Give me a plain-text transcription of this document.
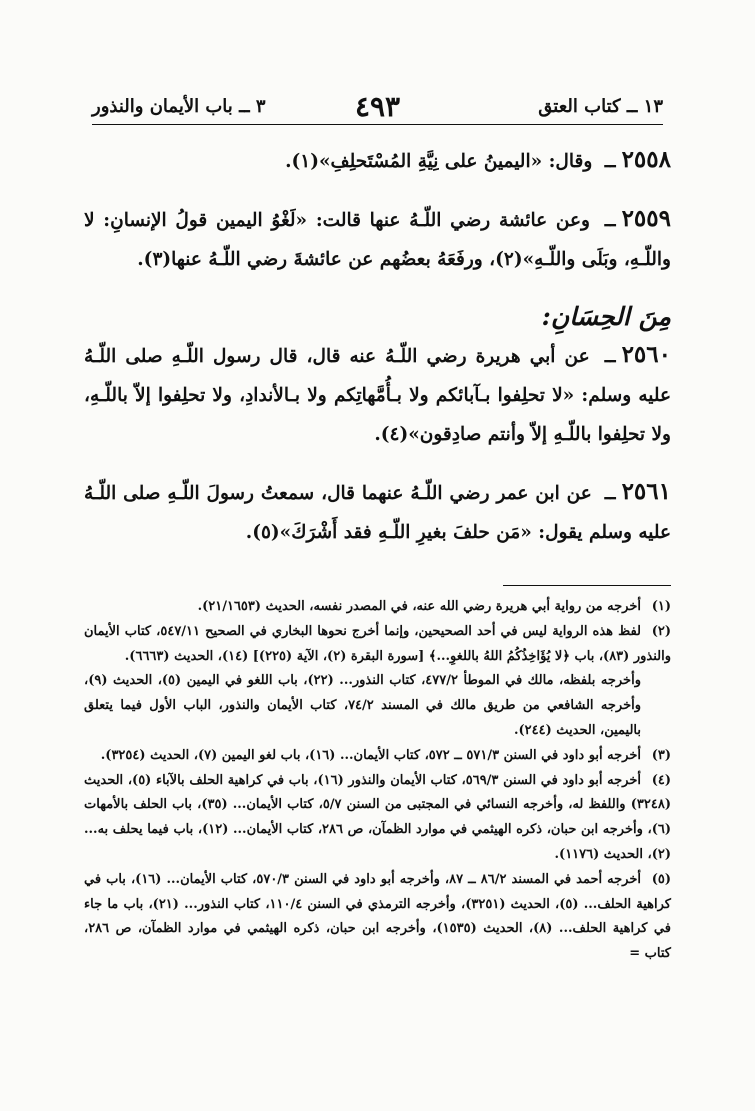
١٣ ــ كتاب العتق
٤٩٣
٣ ــ باب الأيمان والنذور

٢٥٥٨ــ وقال: «اليمينُ على نِيَّةِ المُسْتَحلِفِ»(١).

٢٥٥٩ــ وعن عائشة رضي اللّـهُ عنها قالت: «لَغْوُ اليمين قولُ الإنسانِ: لا واللّـهِ، وبَلَى واللّـهِ»(٢)، ورفَعَهُ بعضُهم عن عائشةَ رضي اللّـهُ عنها(٣).

مِنَ الحِسَانِ:

٢٥٦٠ــ عن أبي هريرة رضي اللّـهُ عنه قال، قال رسول اللّـهِ صلى اللّـهُ عليه وسلم: «لا تحلِفوا بـآبائكم ولا بـأُمَّهاتِكم ولا بـالأندادِ، ولا تحلِفوا إلاّ باللّـهِ، ولا تحلِفوا باللّـهِ إلاّ وأنتم صادِقون»(٤).

٢٥٦١ــ عن ابن عمر رضي اللّـهُ عنهما قال، سمعتُ رسولَ اللّـهِ صلى اللّـهُ عليه وسلم يقول: «مَن حلفَ بغيرِ اللّـهِ فقد أَشْرَكَ»(٥).

(١)أخرجه من رواية أبي هريرة رضي الله عنه، في المصدر نفسه، الحديث (٢١/١٦٥٣).

(٢)لفظ هذه الرواية ليس في أحد الصحيحين، وإنما أخرج نحوها البخاري في الصحيح ٥٤٧/١١، كتاب الأيمان والنذور (٨٣)، باب ﴿لا يُؤَاخِذُكُمُ اللهُ باللغوِ...﴾ [سورة البقرة (٢)، الآية (٢٢٥)] (١٤)، الحديث (٦٦٦٣).

وأخرجه بلفظه، مالك في الموطأ ٤٧٧/٢، كتاب النذور... (٢٢)، باب اللغو في اليمين (٥)، الحديث (٩)، وأخرجه الشافعي من طريق مالك في المسند ٧٤/٢، كتاب الأيمان والنذور، الباب الأول فيما يتعلق باليمين، الحديث (٢٤٤).

(٣)أخرجه أبو داود في السنن ٥٧١/٣ ــ ٥٧٢، كتاب الأيمان... (١٦)، باب لغو اليمين (٧)، الحديث (٣٢٥٤).

(٤)أخرجه أبو داود في السنن ٥٦٩/٣، كتاب الأيمان والنذور (١٦)، باب في كراهية الحلف بالآباء (٥)، الحديث (٣٢٤٨) واللفظ له، وأخرجه النسائي في المجتبى من السنن ٥/٧، كتاب الأيمان... (٣٥)، باب الحلف بالأمهات (٦)، وأخرجه ابن حبان، ذكره الهيثمي في موارد الظمآن، ص ٢٨٦، كتاب الأيمان... (١٢)، باب فيما يحلف به... (٢)، الحديث (١١٧٦).

(٥)أخرجه أحمد في المسند ٨٦/٢ ــ ٨٧، وأخرجه أبو داود في السنن ٥٧٠/٣، كتاب الأيمان... (١٦)، باب في كراهية الحلف... (٥)، الحديث (٣٢٥١)، وأخرجه الترمذي في السنن ١١٠/٤، كتاب النذور... (٢١)، باب ما جاء في كراهية الحلف... (٨)، الحديث (١٥٣٥)، وأخرجه ابن حبان، ذكره الهيثمي في موارد الظمآن، ص ٢٨٦، كتاب =
